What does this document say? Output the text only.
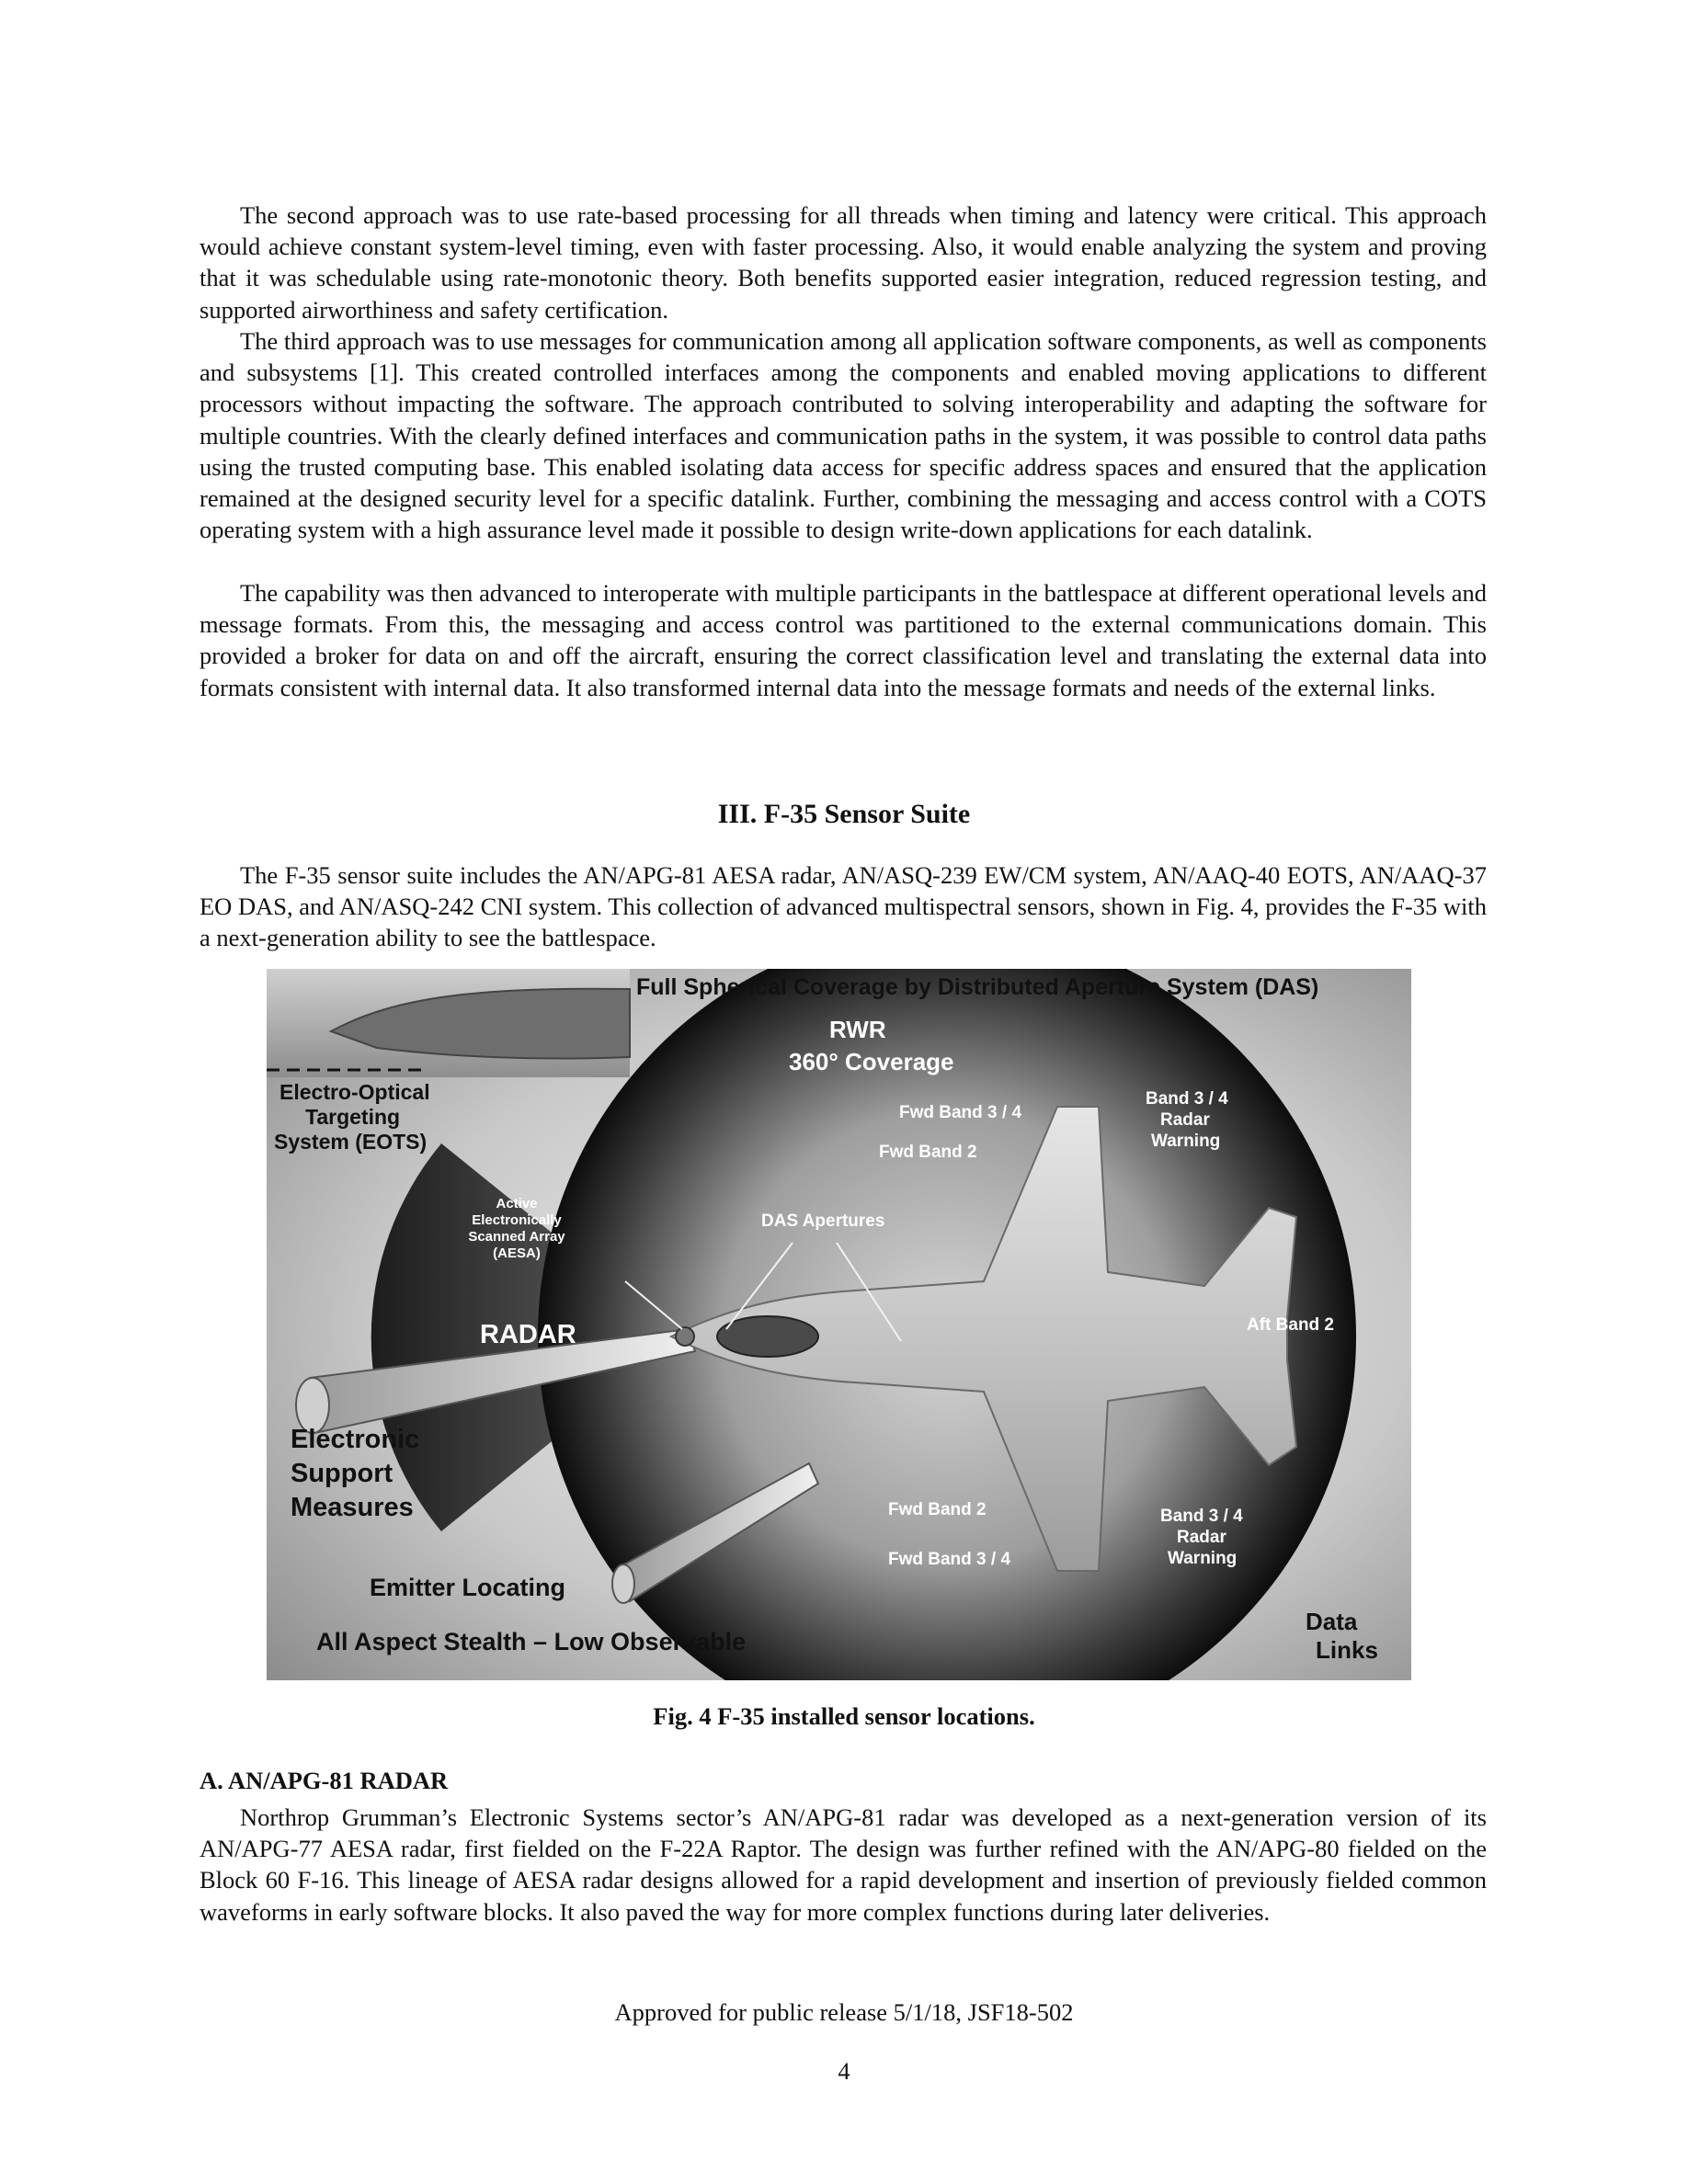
The second approach was to use rate-based processing for all threads when timing and latency were critical. This approach would achieve constant system-level timing, even with faster processing. Also, it would enable analyzing the system and proving that it was schedulable using rate-monotonic theory. Both benefits supported easier integration, reduced regression testing, and supported airworthiness and safety certification.

The third approach was to use messages for communication among all application software components, as well as components and subsystems [1]. This created controlled interfaces among the components and enabled moving applications to different processors without impacting the software. The approach contributed to solving interoperability and adapting the software for multiple countries. With the clearly defined interfaces and communication paths in the system, it was possible to control data paths using the trusted computing base. This enabled isolating data access for specific address spaces and ensured that the application remained at the designed security level for a specific datalink. Further, combining the messaging and access control with a COTS operating system with a high assurance level made it possible to design write-down applications for each datalink.

The capability was then advanced to interoperate with multiple participants in the battlespace at different operational levels and message formats. From this, the messaging and access control was partitioned to the external communications domain. This provided a broker for data on and off the aircraft, ensuring the correct classification level and translating the external data into formats consistent with internal data. It also transformed internal data into the message formats and needs of the external links.

III. F-35 Sensor Suite

The F-35 sensor suite includes the AN/APG-81 AESA radar, AN/ASQ-239 EW/CM system, AN/AAQ-40 EOTS, AN/AAQ-37 EO DAS, and AN/ASQ-242 CNI system. This collection of advanced multispectral sensors, shown in Fig. 4, provides the F-35 with a next-generation ability to see the battlespace.

Full Spherical Coverage by Distributed Aperture System (DAS)
RWR
360° Coverage
Fwd Band 3 / 4
Fwd Band 2
Band 3 / 4
Radar
Warning
Electro-Optical
Targeting
System (EOTS)
Active
Electronically
Scanned Array
(AESA)
DAS Apertures
RADAR	Aft Band 2
Electronic
Support
Measures	Fwd Band 2
Fwd Band 3 / 4
Band 3 / 4
Radar
Warning
Emitter Locating
All Aspect Stealth – Low Observable
Data
Links

Fig. 4 F-35 installed sensor locations.

A. AN/APG-81 RADAR

Northrop Grumman’s Electronic Systems sector’s AN/APG-81 radar was developed as a next-generation version of its AN/APG-77 AESA radar, first fielded on the F-22A Raptor. The design was further refined with the AN/APG-80 fielded on the Block 60 F-16. This lineage of AESA radar designs allowed for a rapid development and insertion of previously fielded common waveforms in early software blocks. It also paved the way for more complex functions during later deliveries.

Approved for public release 5/1/18, JSF18-502

4
